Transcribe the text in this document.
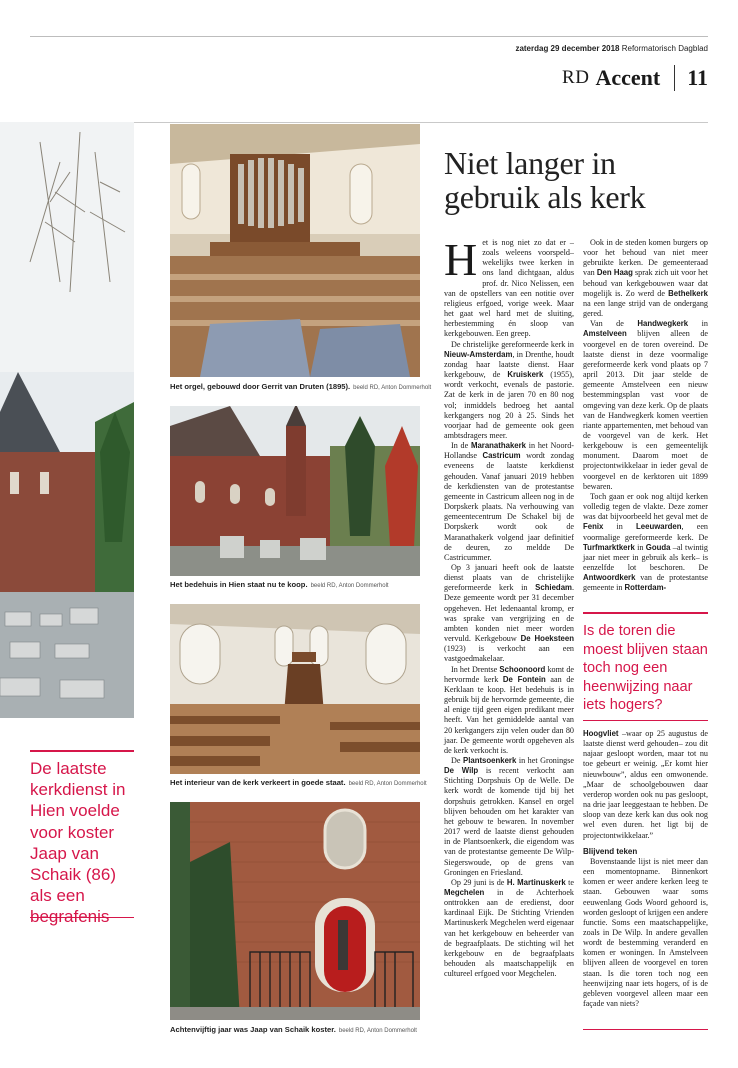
zaterdag 29 december 2018 Reformatorisch Dagblad
RD Accent 11
De laatste kerkdienst in Hien voelde voor koster Jaap van Schaik (86) als een begrafenis
Het orgel, gebouwd door Gerrit van Druten (1895). beeld RD, Anton Dommerholt
Het bedehuis in Hien staat nu te koop. beeld RD, Anton Dommerholt
Het interieur van de kerk verkeert in goede staat. beeld RD, Anton Dommerholt
Achtenvijftig jaar was Jaap van Schaik koster. beeld RD, Anton Dommerholt
Niet langer in gebruik als kerk

Het is nog niet zo dat er –zoals weleens voorspeld– wekelijks twee kerken in ons land dichtgaan, aldus prof. dr. Nico Nelissen, een van de opstellers van een notitie over religieus erfgoed, vorige week. Maar het gaat wel hard met de sluiting, herbestemming én sloop van kerkgebouwen. Een greep.

De christelijke gereformeerde kerk in Nieuw-Amsterdam, in Drenthe, houdt zondag haar laatste dienst. Haar kerkgebouw, de Kruiskerk (1955), wordt verkocht, evenals de pastorie. Zat de kerk in de jaren 70 en 80 nog vol; inmiddels bedroeg het aantal kerkgangers nog 20 à 25. Sinds het voorjaar had de gemeente ook geen ambtsdragers meer.

In de Maranathakerk in het Noord-Hollandse Castricum wordt zondag eveneens de laatste kerkdienst gehouden. Vanaf januari 2019 hebben de kerkdiensten van de protestantse gemeente in Castricum alleen nog in de Dorpskerk plaats. Na verhouwing van gemeentecentrum De Schakel bij de Dorpskerk wordt ook de Maranathakerk volgend jaar definitief de deuren, zo meldde De Castricummer.

Op 3 januari heeft ook de laatste dienst plaats van de christelijke gereformeerde kerk in Schiedam. Deze gemeente wordt per 31 december opgeheven. Het ledenaantal kromp, er was sprake van vergrijzing en de ambten konden niet meer worden vervuld. Kerkgebouw De Hoeksteen (1923) is verkocht aan een vastgoedmakelaar.

In het Drentse Schoonoord komt de hervormde kerk De Fontein aan de Kerklaan te koop. Het bedehuis is in gebruik bij de hervormde gemeente, die al enige tijd geen eigen predikant meer heeft. Van het gemiddelde aantal van 20 kerkgangers zijn velen ouder dan 80 jaar. De gemeente wordt opgeheven als de kerk verkocht is.

De Plantsoenkerk in het Groningse De Wilp is recent verkocht aan Stichting Dorpshuis Op de Welle. De kerk wordt de komende tijd bij het dorpshuis getrokken. Kansel en orgel blijven behouden om het karakter van het gebouw te bewaren. In november 2017 werd de laatste dienst gehouden in de Plantsoenkerk, die eigendom was van de protestantse gemeente De Wilp-Siegerswoude, op de grens van Groningen en Friesland.

Op 29 juni is de H. Martinuskerk te Megchelen in de Achterhoek onttrokken aan de eredienst, door kardinaal Eijk. De Stichting Vrienden Martinuskerk Megchelen werd eigenaar van het kerkgebouw en beheerder van de begraafplaats. De stichting wil het kerkgebouw en de begraafplaats behouden als maatschappelijk en cultureel erfgoed voor Megchelen.

Ook in de steden komen burgers op voor het behoud van niet meer gebruikte kerken. De gemeenteraad van Den Haag sprak zich uit voor het behoud van kerkgebouwen waar dat mogelijk is. Zo werd de Bethelkerk na een lange strijd van de ondergang gered.

Van de Handwegkerk in Amstelveen blijven alleen de voorgevel en de toren overeind. De laatste dienst in deze voormalige gereformeerde kerk vond plaats op 7 april 2013. Dit jaar stelde de gemeente Amstelveen een nieuw bestemmingsplan vast voor de omgeving van deze kerk. Op de plaats van de Handwegkerk komen veertien riante appartementen, met behoud van de voorgevel van de kerk. Het kerkgebouw is een gemeentelijk monument. Daarom moet de projectontwikkelaar in ieder geval de voorgevel en de kerktoren uit 1899 bewaren.

Toch gaan er ook nog altijd kerken volledig tegen de vlakte. Deze zomer was dat bijvoorbeeld het geval met de Fenix in Leeuwarden, een voormalige gereformeerde kerk. De Turfmarktkerk in Gouda –al twintig jaar niet meer in gebruik als kerk– is eenzelfde lot beschoren. De Antwoordkerk van de protestantse gemeente in Rotterdam-

Is de toren die moest blijven staan toch nog een heenwijzing naar iets hogers?

Hoogvliet –waar op 25 augustus de laatste dienst werd gehouden– zou dit najaar gesloopt worden, maar tot nu toe gebeurt er weinig. „Er komt hier nieuwbouw”, aldus een omwonende. „Maar de schoolgebouwen daar verderop worden ook nu pas gesloopt, na drie jaar leeggestaan te hebben. De sloop van deze kerk kan dus ook nog wel even duren. het ligt bij de projectontwikkelaar.”

Blijvend teken

Bovenstaande lijst is niet meer dan een momentopname. Binnenkort komen er weer andere kerken leeg te staan. Gebouwen waar soms eeuwenlang Gods Woord gehoord is, worden gesloopt of krijgen een andere functie. Soms een maatschappelijke, zoals in De Wilp. In andere gevallen wordt de bestemming veranderd en komen er woningen. In Amstelveen blijven alleen de voorgevel en toren staan. Is die toren toch nog een heenwijzing naar iets hogers, of is de gebleven voorgevel alleen maar een façade van niets?
